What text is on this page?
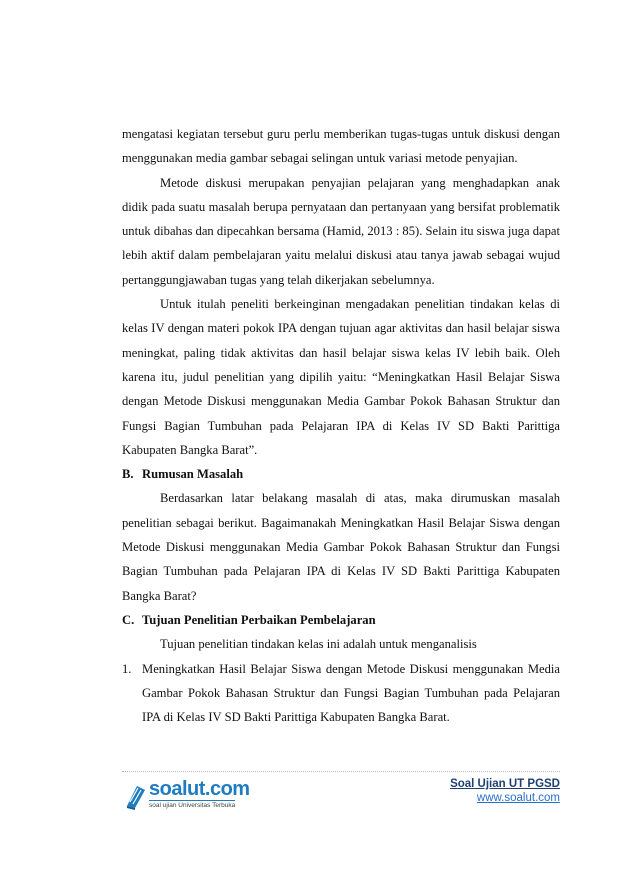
mengatasi kegiatan tersebut guru perlu memberikan tugas-tugas untuk diskusi dengan menggunakan media gambar sebagai selingan untuk variasi metode penyajian.

Metode diskusi merupakan penyajian pelajaran yang menghadapkan anak didik pada suatu masalah berupa pernyataan dan pertanyaan yang bersifat problematik untuk dibahas dan dipecahkan bersama (Hamid, 2013 : 85). Selain itu siswa juga dapat lebih aktif dalam pembelajaran yaitu melalui diskusi atau tanya jawab sebagai wujud pertanggungjawaban tugas yang telah dikerjakan sebelumnya.

Untuk itulah peneliti berkeinginan mengadakan penelitian tindakan kelas di kelas IV dengan materi pokok IPA dengan tujuan agar aktivitas dan hasil belajar siswa meningkat, paling tidak aktivitas dan hasil belajar siswa kelas IV lebih baik. Oleh karena itu, judul penelitian yang dipilih yaitu: “Meningkatkan Hasil Belajar Siswa dengan Metode Diskusi menggunakan Media Gambar Pokok Bahasan Struktur dan Fungsi Bagian Tumbuhan pada Pelajaran IPA di Kelas IV SD Bakti Parittiga Kabupaten Bangka Barat”.

B. Rumusan Masalah

Berdasarkan latar belakang masalah di atas, maka dirumuskan masalah penelitian sebagai berikut. Bagaimanakah Meningkatkan Hasil Belajar Siswa dengan Metode Diskusi menggunakan Media Gambar Pokok Bahasan Struktur dan Fungsi Bagian Tumbuhan pada Pelajaran IPA di Kelas IV SD Bakti Parittiga Kabupaten Bangka Barat?

C. Tujuan Penelitian Perbaikan Pembelajaran

Tujuan penelitian tindakan kelas ini adalah untuk menganalisis

1. Meningkatkan Hasil Belajar Siswa dengan Metode Diskusi menggunakan Media Gambar Pokok Bahasan Struktur dan Fungsi Bagian Tumbuhan pada Pelajaran IPA di Kelas IV SD Bakti Parittiga Kabupaten Bangka Barat.
soalut.com
soal ujian Universitas Terbuka
Soal Ujian UT PGSD
www.soalut.com
